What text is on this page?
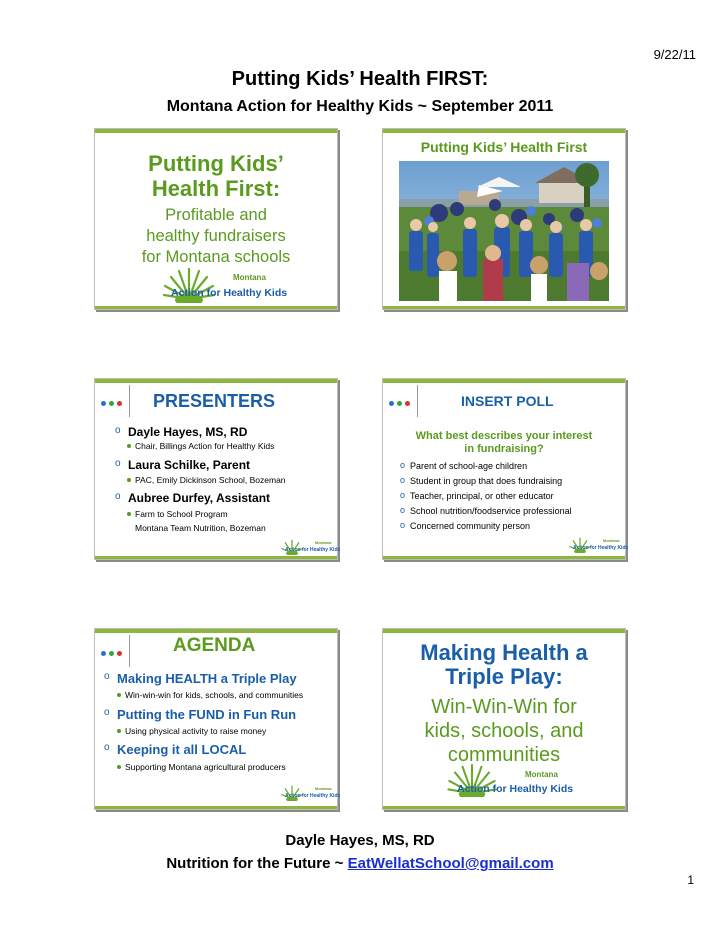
9/22/11
Putting Kids’ Health FIRST:
Montana Action for Healthy Kids ~ September 2011
Putting Kids’
Health First:
Profitable and
healthy fundraisers
for Montana schools
Montana
Action for Healthy Kids
Putting Kids’ Health First
PRESENTERS
o Dayle Hayes, MS, RD
Chair, Billings Action for Healthy Kids
o Laura Schilke, Parent
PAC, Emily Dickinson School, Bozeman
o Aubree Durfey, Assistant
Farm to School Program
Montana Team Nutrition, Bozeman
Montana
Action for Healthy Kids
INSERT POLL
What best describes your interest
in fundraising?
o Parent of school-age children
o Student in group that does fundraising
o Teacher, principal, or other educator
o School nutrition/foodservice professional
o Concerned community person
Montana
Action for Healthy Kids
AGENDA
o Making HEALTH a Triple Play
Win-win-win for kids, schools, and communities
o Putting the FUND in Fun Run
Using physical activity to raise money
o Keeping it all LOCAL
Supporting Montana agricultural producers
Montana
Action for Healthy Kids
Making Health a
Triple Play:
Win-Win-Win for
kids, schools, and
communities
Montana
Action for Healthy Kids
Dayle Hayes, MS, RD
Nutrition for the Future ~ EatWellatSchool@gmail.com
1
